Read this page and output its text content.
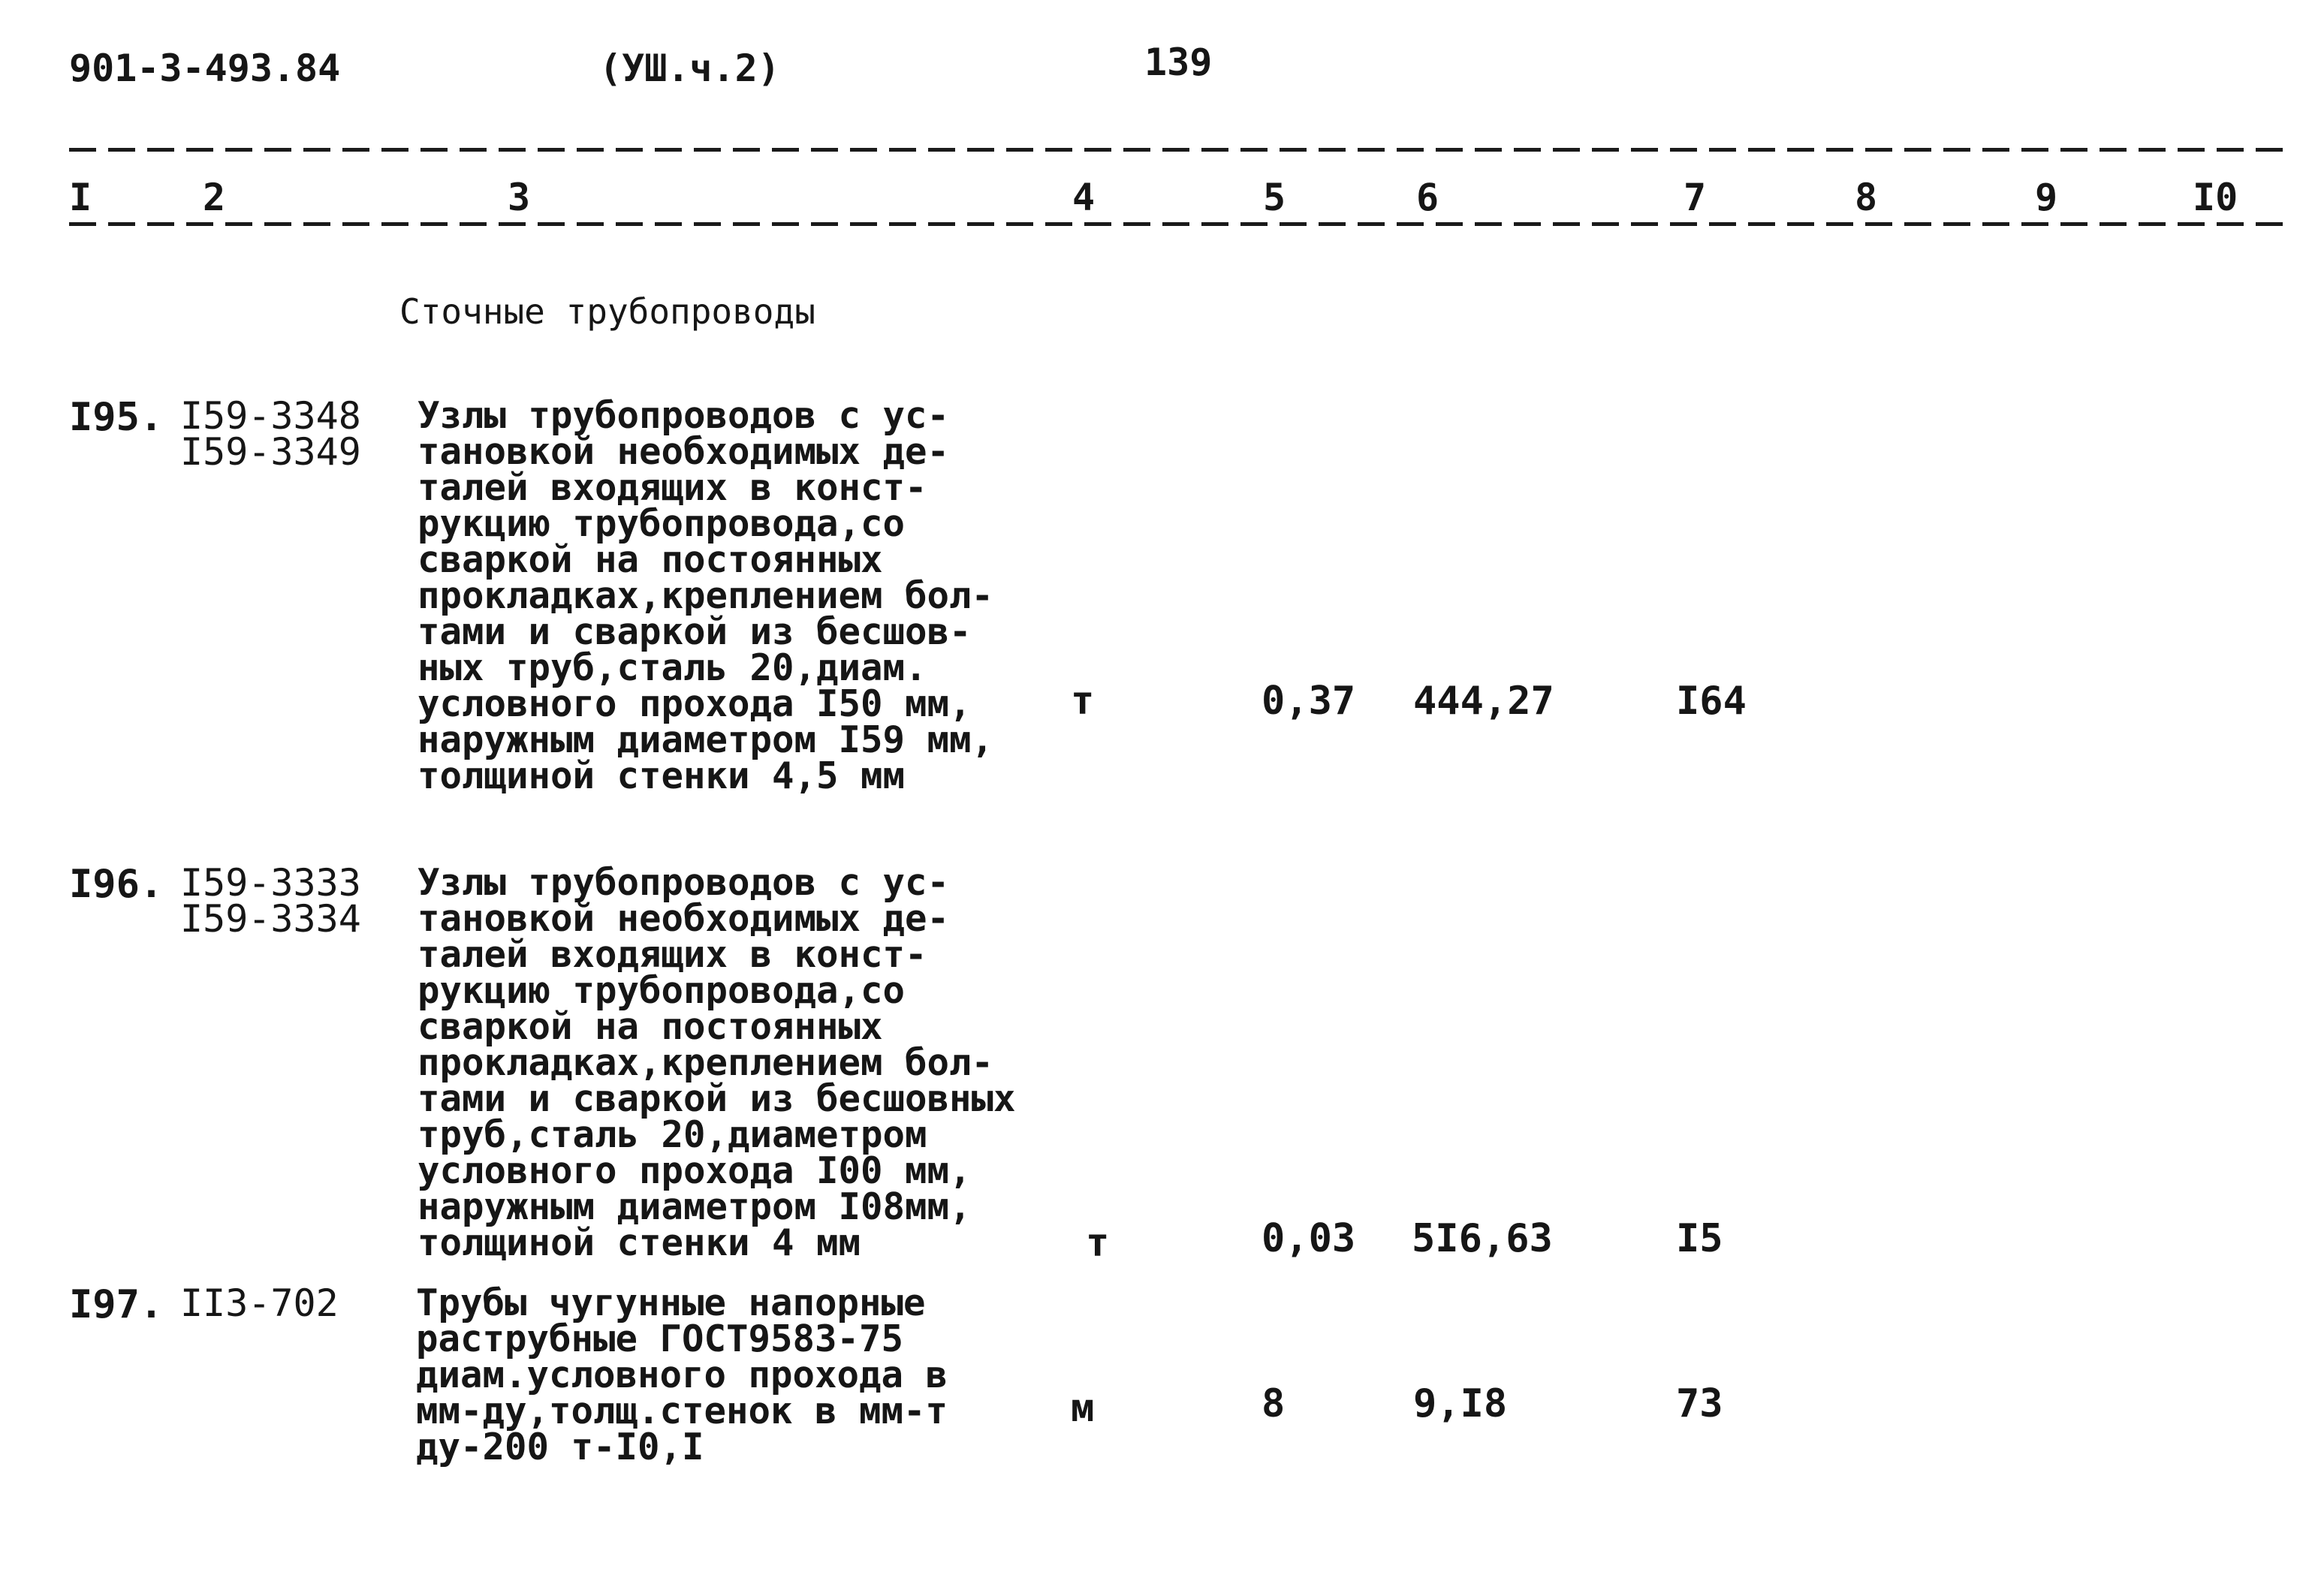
901-3-493.84	(УШ.ч.2)	139
I	2	3	4	5	6	7	8	9	I0
Сточные трубопроводы
I95. I59-3348
I59-3349
Узлы трубопроводов с ус-
тановкой необходимых де-
талей входящих в конст-
рукцию трубопровода,со
сваркой на постоянных
прокладках,креплением бол-
тами и сваркой из бесшов-
ных труб,сталь 20,диам.
условного прохода I50 мм,
наружным диаметром I59 мм,
толщиной стенки 4,5 мм
т	0,37 444,27	I64
I96. I59-3333
I59-3334
Узлы трубопроводов с ус-
тановкой необходимых де-
талей входящих в конст-
рукцию трубопровода,со
сваркой на постоянных
прокладках,креплением бол-
тами и сваркой из бесшовных
труб,сталь 20,диаметром
условного прохода I00 мм,
наружным диаметром I08мм,
толщиной стенки 4 мм	т	0,03 5I6,63	I5
I97. II3-702 Трубы чугунные напорные
раструбные ГОСТ9583-75
диам.условного прохода в
мм-ду,толщ.стенок в мм-т
ду-200 т-I0,I
м	8	9,I8	73
